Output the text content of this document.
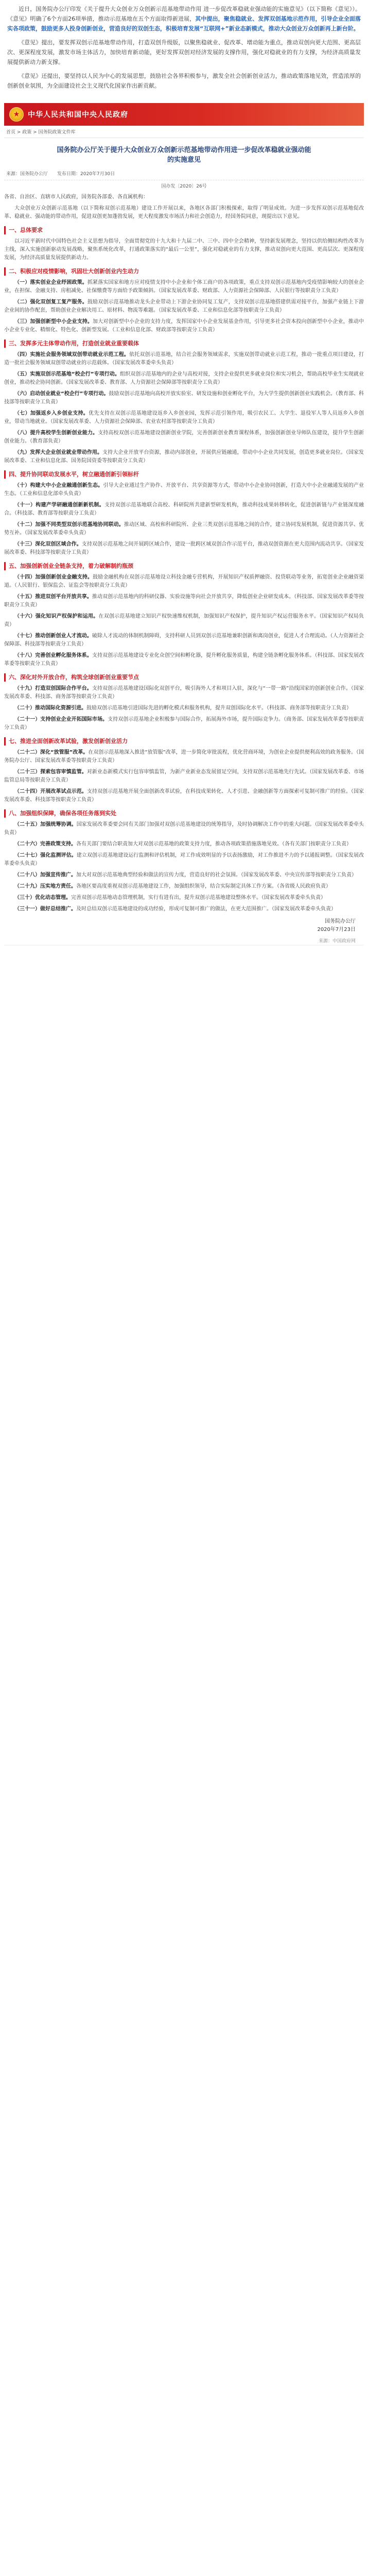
近日，国务院办公厅印发《关于提升大众创业万众创新示范基地带动作用 进一步促改革稳就业强动能的实施意见》（以下简称《意见》）。《意见》明确了6个方面26项举措，推动示范基地在五个方面取得新进展，其中提出，聚焦稳就业、发挥双创基地示范作用，引导企业全面落实各项政策，鼓励更多人投身创新创业，营造良好的双创生态，积极培育发展“互联网+”新业态新模式，推动大众创业万众创新再上新台阶。

《意见》提出，要发挥双创示范基地带动作用，打造双创升级版，以聚焦稳就业、促改革、增动能为重点，推动双创向更大范围、更高层次、更深程度发展，激发市场主体活力，加快培育新动能，更好发挥双创对经济发展的支撑作用，强化对稳就业的有力支撑，为经济高质量发展提供新动力新支撑。

《意见》还提出，要坚持以人民为中心的发展思想，鼓励社会各界积极参与，激发全社会创新创业活力，推动政策落地见效，营造浓厚的创新创业氛围，为全面建设社会主义现代化国家作出新贡献。

★	中华人民共和国中央人民政府
首页 > 政策 > 国务院政策文件库
国务院办公厅关于提升大众创业万众创新示范基地带动作用进一步促改革稳就业强动能
的实施意见
来源：国务院办公厅 发布日期：2020年7月30日
国办发〔2020〕26号

各省、自治区、直辖市人民政府，国务院各部委、各直属机构：

大众创业万众创新示范基地（以下简称双创示范基地）建设工作开展以来，各地区各部门积极探索，取得了明显成效。为进一步发挥双创示范基地促改革、稳就业、强动能的带动作用，促进双创更加蓬勃发展，更大程度激发市场活力和社会创造力，经国务院同意，现提出以下意见。

一、总体要求

以习近平新时代中国特色社会主义思想为指导，全面贯彻党的十九大和十九届二中、三中、四中全会精神，坚持新发展理念，坚持以供给侧结构性改革为主线，深入实施创新驱动发展战略，聚焦系统化改革，打通政策落实的“最后一公里”，强化对稳就业的有力支撑，推动双创向更大范围、更高层次、更深程度发展，为经济高质量发展提供新动力。

二、积极应对疫情影响，巩固壮大创新创业内生动力

（一）落实创业企业纾困政策。抓紧落实国家和地方应对疫情支持中小企业和个体工商户的各项政策，重点支持双创示范基地内受疫情影响较大的创业企业，在担保、金融支持、房租减免、社保缴费等方面给予政策倾斜。（国家发展改革委、财政部、人力资源社会保障部、人民银行等按职责分工负责）

（二）强化双创复工复产服务。鼓励双创示范基地推动龙头企业带动上下游企业协同复工复产，支持双创示范基地搭建供需对接平台，加强产业链上下游企业间的协作配套，帮助创业企业解决用工、原材料、物流等难题。（国家发展改革委、工业和信息化部等按职责分工负责）

（三）加强创新型中小企业支持。加大对创新型中小企业的支持力度，发挥国家中小企业发展基金作用，引导更多社会资本投向创新型中小企业，推动中小企业专业化、精细化、特色化、创新型发展。（工业和信息化部、财政部等按职责分工负责）

三、发挥多元主体带动作用，打造创业就业重要载体

（四）实施社会服务领域双创带动就业示范工程。依托双创示范基地，结合社会服务领域需求，实施双创带动就业示范工程，推动一批重点项目建设，打造一批社会服务领域双创带动就业的示范载体。（国家发展改革委牵头负责）

（五）实施双创示范基地“校企行”专项行动。组织双创示范基地内的企业与高校对接，支持企业提供更多就业岗位和实习机会，帮助高校毕业生实现就业创业，推动校企协同创新。（国家发展改革委、教育部、人力资源社会保障部等按职责分工负责）

（六）启动创业就业“校企行”专项行动。鼓励双创示范基地向高校开放实验室、研发设施和创业孵化平台，为大学生提供创新创业实践机会。（教育部、科技部等按职责分工负责）

（七）加强返乡入乡创业支持。优先支持在双创示范基地建设返乡入乡创业园，发挥示范引领作用，吸引农民工、大学生、退役军人等人员返乡入乡创业，带动当地就业。（国家发展改革委、人力资源社会保障部、农业农村部等按职责分工负责）

（八）提升高校学生创新创业能力。支持高校双创示范基地建设创新创业学院，完善创新创业教育课程体系，加强创新创业导师队伍建设，提升学生创新创业能力。（教育部负责）

（九）发挥大企业创业就业带动作用。支持大企业开放平台资源，推动内部创业，开展供应链融通，带动中小企业共同发展，创造更多就业岗位。（国家发展改革委、工业和信息化部、国务院国资委等按职责分工负责）

四、提升协同联动发展水平，树立融通创新引领标杆

（十）构建大中小企业融通创新生态。引导大企业通过生产协作、开放平台、共享资源等方式，带动中小企业协同创新，打造大中小企业融通发展的产业生态。（工业和信息化部牵头负责）

（十一）构建产学研融通创新新机制。支持双创示范基地联合高校、科研院所共建新型研发机构，推动科技成果转移转化，促进创新链与产业链深度融合。（科技部、教育部等按职责分工负责）

（十二）加强不同类型双创示范基地协同联动。推动区域、高校和科研院所、企业三类双创示范基地之间的合作，建立协同发展机制，促进资源共享、优势互补。（国家发展改革委牵头负责）

（十三）深化双创区域合作。支持双创示范基地之间开展跨区域合作，建设一批跨区域双创合作示范平台，推动双创资源在更大范围内流动共享。（国家发展改革委、科技部等按职责分工负责）

五、加强创新创业全链条支持，着力破解制约瓶颈

（十四）加强创新创业金融支持。鼓励金融机构在双创示范基地设立科技金融专营机构，开展知识产权质押融资、投贷联动等业务，拓宽创业企业融资渠道。（人民银行、银保监会、证监会等按职责分工负责）

（十五）推进双创平台开放共享。推动双创示范基地内的科研仪器、实验设施等向社会开放共享，降低创业企业研发成本。（科技部、国家发展改革委等按职责分工负责）

（十六）强化知识产权保护和运用。在双创示范基地建立知识产权快速维权机制，加强知识产权保护，提升知识产权运营服务水平。（国家知识产权局负责）

（十七）推动创新创业人才流动。破除人才流动的体制机制障碍，支持科研人员到双创示范基地兼职创新和离岗创业，促进人才合理流动。（人力资源社会保障部、科技部等按职责分工负责）

（十八）完善创业孵化服务体系。支持双创示范基地建设专业化众创空间和孵化器，提升孵化服务质量，构建全链条孵化服务体系。（科技部、国家发展改革委等按职责分工负责）

六、深化对外开放合作，构筑全球创新创业重要节点

（十九）打造双创国际合作平台。支持双创示范基地建设国际化双创平台，吸引海外人才和项目入驻，深化与“一带一路”沿线国家的创新创业合作。（国家发展改革委、科技部、商务部等按职责分工负责）

（二十）推动国际化资源引进。鼓励双创示范基地引进国际先进的孵化模式和服务机构，提升双创国际化水平。（科技部、商务部等按职责分工负责）

（二十一）支持创业企业开拓国际市场。支持双创示范基地企业积极参与国际合作，拓展海外市场，提升国际竞争力。（商务部、国家发展改革委等按职责分工负责）

七、推进全面创新改革试验，激发创新创业活力

（二十二）深化“放管服”改革。在双创示范基地深入推进“放管服”改革，进一步简化审批流程，优化营商环境，为创业企业提供便利高效的政务服务。（国务院办公厅、国家发展改革委等按职责分工负责）

（二十三）探索包容审慎监管。对新业态新模式实行包容审慎监管，为新产业新业态发展留足空间，支持双创示范基地先行先试。（国家发展改革委、市场监管总局等按职责分工负责）

（二十四）开展改革试点示范。支持双创示范基地开展全面创新改革试验，在科技成果转化、人才引进、金融创新等方面探索可复制可推广的经验。（国家发展改革委、科技部等按职责分工负责）

八、加强组织保障，确保各项任务落到实处

（二十五）加强统筹协调。国家发展改革委要会同有关部门加强对双创示范基地建设的统筹指导，及时协调解决工作中的重大问题。（国家发展改革委牵头负责）

（二十六）完善政策支持。各有关部门要结合职责加大对双创示范基地的政策支持力度，推动各项政策措施落地见效。（各有关部门按职责分工负责）

（二十七）强化监测评估。建立双创示范基地建设运行监测和评估机制，对工作成效明显的予以表扬激励，对工作推进不力的予以通报调整。（国家发展改革委牵头负责）

（二十八）加强宣传推广。加大对双创示范基地典型经验和做法的宣传力度，营造良好的社会氛围。（国家发展改革委、中央宣传部等按职责分工负责）

（二十九）压实地方责任。各地区要高度重视双创示范基地建设工作，加强组织领导，结合实际制定具体工作方案。（各省级人民政府负责）

（三十）优化动态管理。完善双创示范基地动态管理机制，实行有进有出，提升双创示范基地建设整体水平。（国家发展改革委牵头负责）

（三十一）做好总结推广。及时总结双创示范基地建设的成功经验，形成可复制可推广的做法，在更大范围推广。（国家发展改革委牵头负责）

国务院办公厅
2020年7月23日
来源：中国政府网
